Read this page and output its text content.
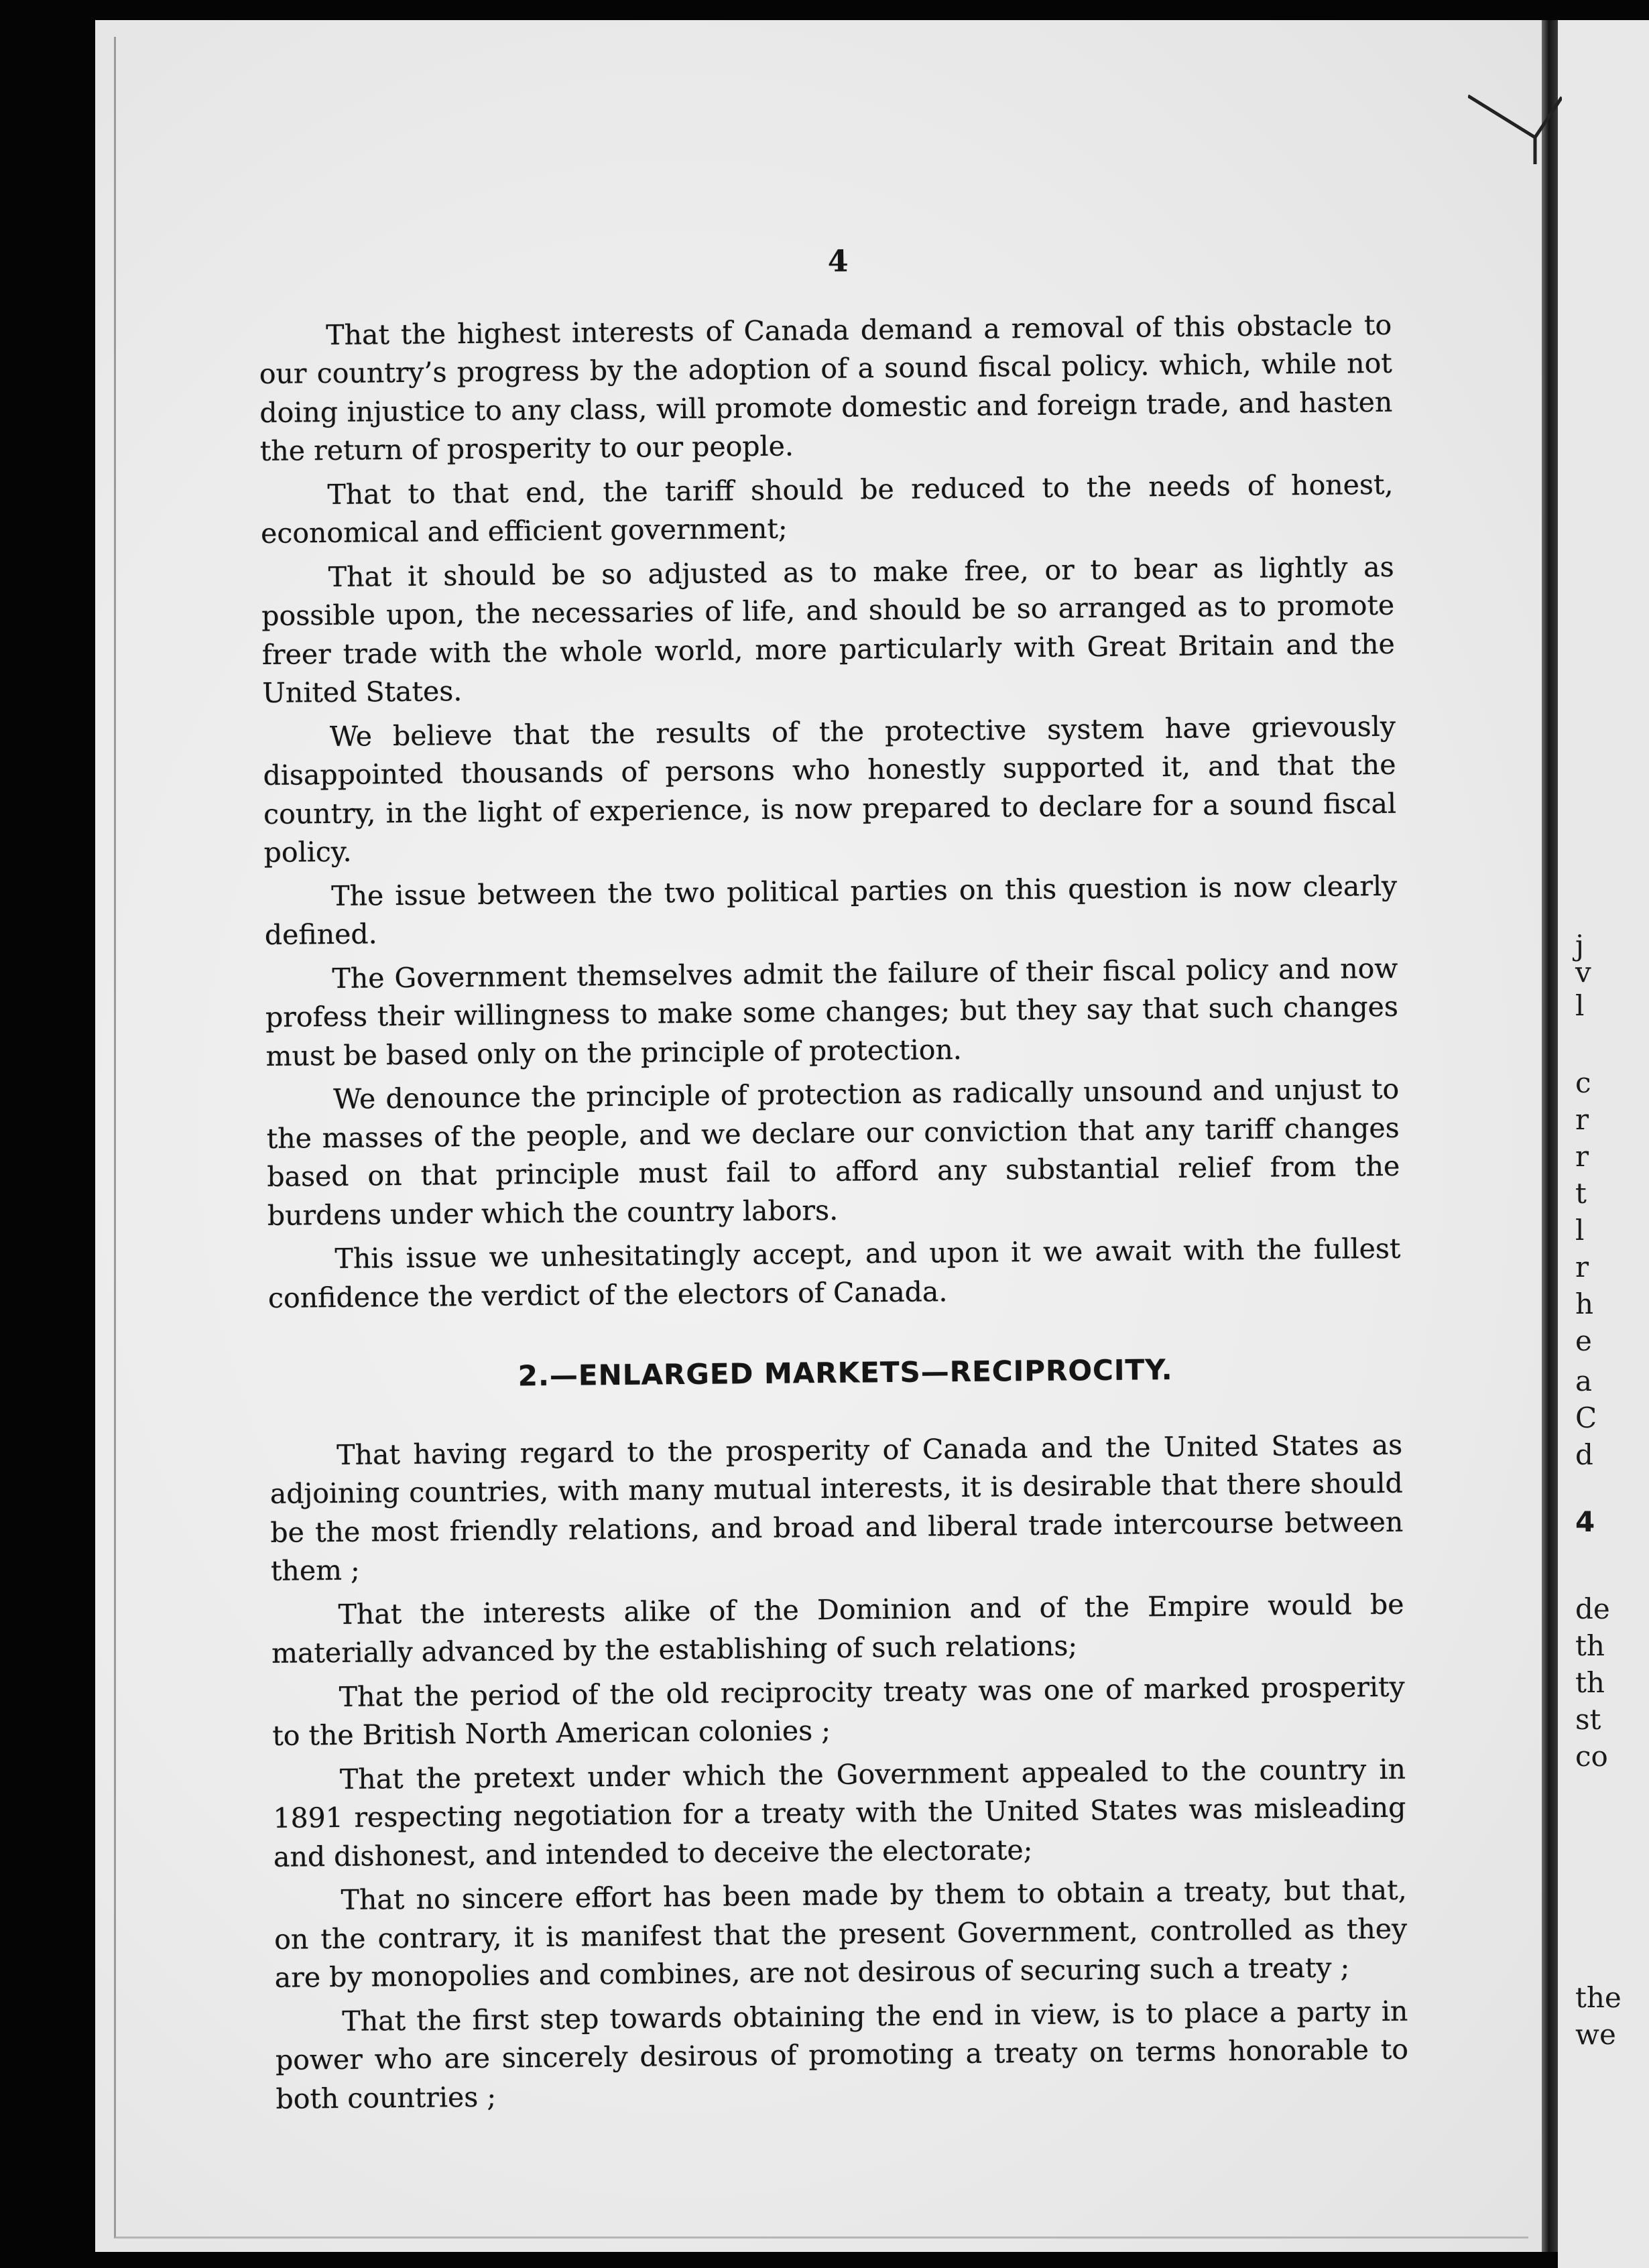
4

That the highest interests of Canada demand a removal of this obstacle to our country’s progress by the adoption of a sound fiscal policy. which, while not doing injustice to any class, will promote domestic and foreign trade, and hasten the return of prosperity to our people.

That to that end, the tariff should be reduced to the needs of honest, economical and efficient government;

That it should be so adjusted as to make free, or to bear as lightly as possible upon, the necessaries of life, and should be so arranged as to promote freer trade with the whole world, more particularly with Great Britain and the United States.

We believe that the results of the protective system have grievously disappointed thousands of persons who honestly supported it, and that the country, in the light of experience, is now prepared to declare for a sound fiscal policy.

The issue between the two political parties on this question is now clearly defined.

The Government themselves admit the failure of their fiscal policy and now profess their willingness to make some changes; but they say that such changes must be based only on the principle of protection.

We denounce the principle of protection as radically unsound and unjust to the masses of the people, and we declare our conviction that any tariff changes based on that principle must fail to afford any substantial relief from the burdens under which the country labors.

This issue we unhesitatingly accept, and upon it we await with the fullest confidence the verdict of the electors of Canada.

2.—ENLARGED MARKETS—RECIPROCITY.

That having regard to the prosperity of Canada and the United States as adjoining countries, with many mutual interests, it is desirable that there should be the most friendly relations, and broad and liberal trade intercourse between them ;

That the interests alike of the Dominion and of the Empire would be materially advanced by the establishing of such relations;

That the period of the old reciprocity treaty was one of marked prosperity to the British North American colonies ;

That the pretext under which the Government appealed to the country in 1891 respecting negotiation for a treaty with the United States was misleading and dishonest, and intended to deceive the electorate;

That no sincere effort has been made by them to obtain a treaty, but that, on the contrary, it is manifest that the present Government, controlled as they are by monopolies and combines, are not desirous of securing such a treaty ;

That the first step towards obtaining the end in view, is to place a party in power who are sincerely desirous of promoting a treaty on terms honorable to both countries ;

j
v
l
c
r
r
t
l
r
h
e
a
C
d
4
de
th
th
st
co
the
we
